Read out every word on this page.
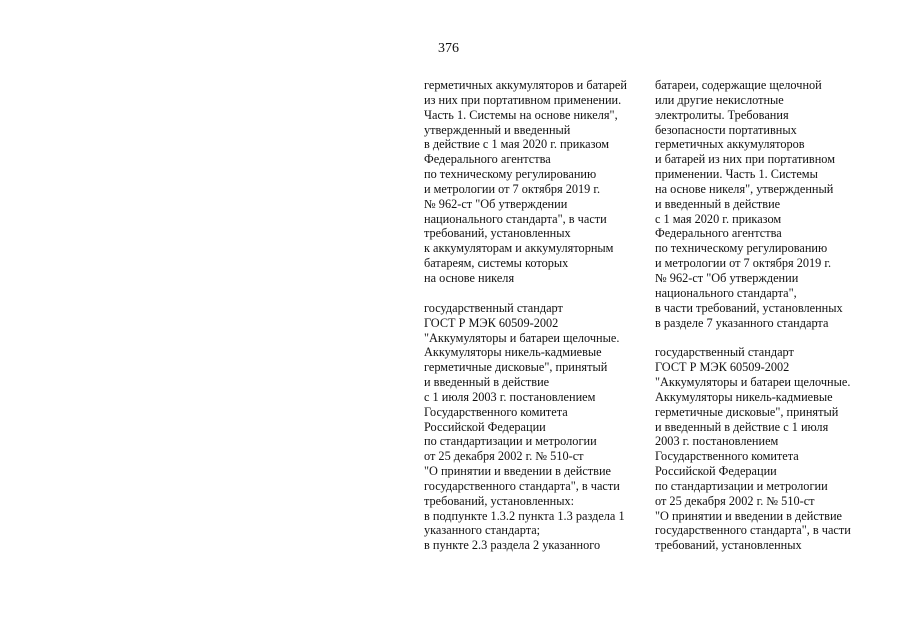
376
герметичных аккумуляторов и батарей
из них при портативном применении.
Часть 1. Системы на основе никеля",
утвержденный и введенный
в действие с 1 мая 2020 г. приказом
Федерального агентства
по техническому регулированию
и метрологии от 7 октября 2019 г.
№ 962-ст "Об утверждении
национального стандарта", в части
требований, установленных
к аккумуляторам и аккумуляторным
батареям, системы которых
на основе никеля
государственный стандарт
ГОСТ Р МЭК 60509-2002
"Аккумуляторы и батареи щелочные.
Аккумуляторы никель-кадмиевые
герметичные дисковые", принятый
и введенный в действие
с 1 июля 2003 г. постановлением
Государственного комитета
Российской Федерации
по стандартизации и метрологии
от 25 декабря 2002 г. № 510-ст
"О принятии и введении в действие
государственного стандарта", в части
требований, установленных:
в подпункте 1.3.2 пункта 1.3 раздела 1
указанного стандарта;
в пункте 2.3 раздела 2 указанного
батареи, содержащие щелочной
или другие некислотные
электролиты. Требования
безопасности портативных
герметичных аккумуляторов
и батарей из них при портативном
применении. Часть 1. Системы
на основе никеля", утвержденный
и введенный в действие
с 1 мая 2020 г. приказом
Федерального агентства
по техническому регулированию
и метрологии от 7 октября 2019 г.
№ 962-ст "Об утверждении
национального стандарта",
в части требований, установленных
в разделе 7 указанного стандарта
государственный стандарт
ГОСТ Р МЭК 60509-2002
"Аккумуляторы и батареи щелочные.
Аккумуляторы никель-кадмиевые
герметичные дисковые", принятый
и введенный в действие с 1 июля
2003 г. постановлением
Государственного комитета
Российской Федерации
по стандартизации и метрологии
от 25 декабря 2002 г. № 510-ст
"О принятии и введении в действие
государственного стандарта", в части
требований, установленных
